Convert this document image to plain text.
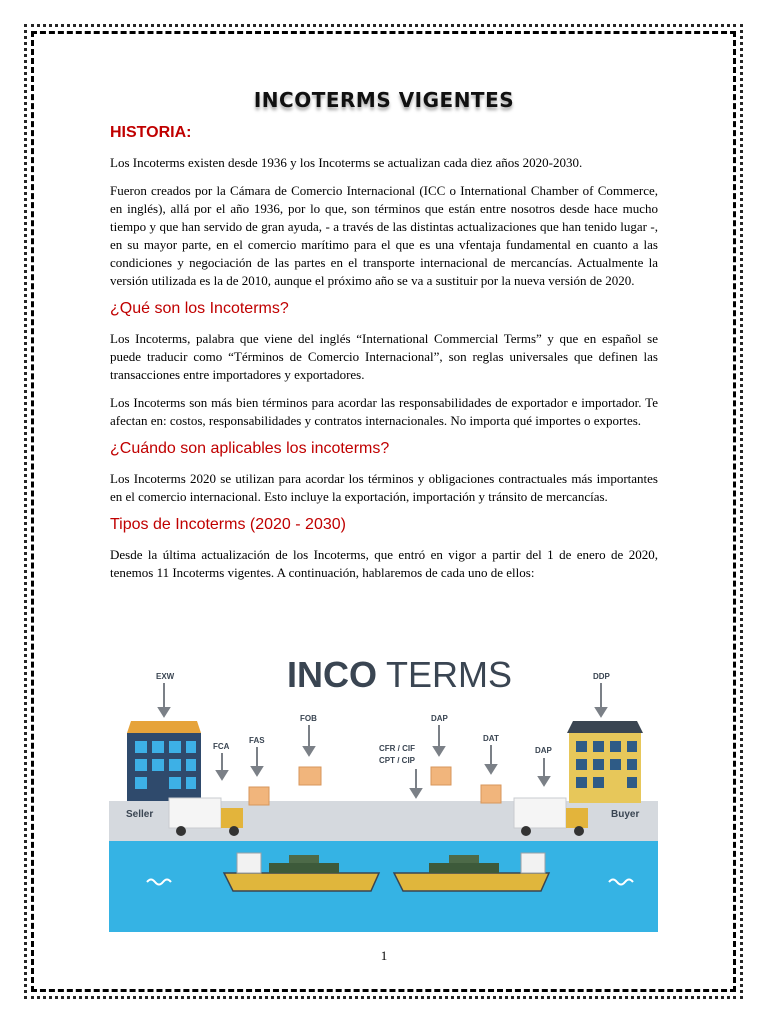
INCOTERMS VIGENTES
HISTORIA:

Los Incoterms existen desde 1936 y los Incoterms se actualizan cada diez años 2020-2030.

Fueron creados por la Cámara de Comercio Internacional (ICC o International Chamber of Commerce, en inglés), allá por el año 1936, por lo que, son términos que están entre nosotros desde hace mucho tiempo y que han servido de gran ayuda, - a través de las distintas actualizaciones que han tenido lugar -, en su mayor parte, en el comercio marítimo para el que es una vfentaja fundamental en cuanto a las condiciones y negociación de las partes en el transporte internacional de mercancías. Actualmente la versión utilizada es la de 2010, aunque el próximo año se va a sustituir por la nueva versión de 2020.

¿Qué son los Incoterms?

Los Incoterms, palabra que viene del inglés “International Commercial Terms” y que en español se puede traducir como “Términos de Comercio Internacional”, son reglas universales que definen las transacciones entre importadores y exportadores.

Los Incoterms son más bien términos para acordar las responsabilidades de exportador e importador. Te afectan en: costos, responsabilidades y contratos internacionales. No importa qué importes o exportes.

¿Cuándo son aplicables los incoterms?

Los Incoterms 2020 se utilizan para acordar los términos y obligaciones contractuales más importantes en el comercio internacional. Esto incluye la exportación, importación y tránsito de mercancías.

Tipos de Incoterms (2020 - 2030)

Desde la última actualización de los Incoterms, que entró en vigor a partir del 1 de enero de 2020, tenemos 11 Incoterms vigentes. A continuación, hablaremos de cada uno de ellos:

INCO TERMS
Seller	Buyer
EXW
FCA
FAS
FOB
CFR / CIF
CPT / CIP
DAP
DAT
DAP
DDP
1
